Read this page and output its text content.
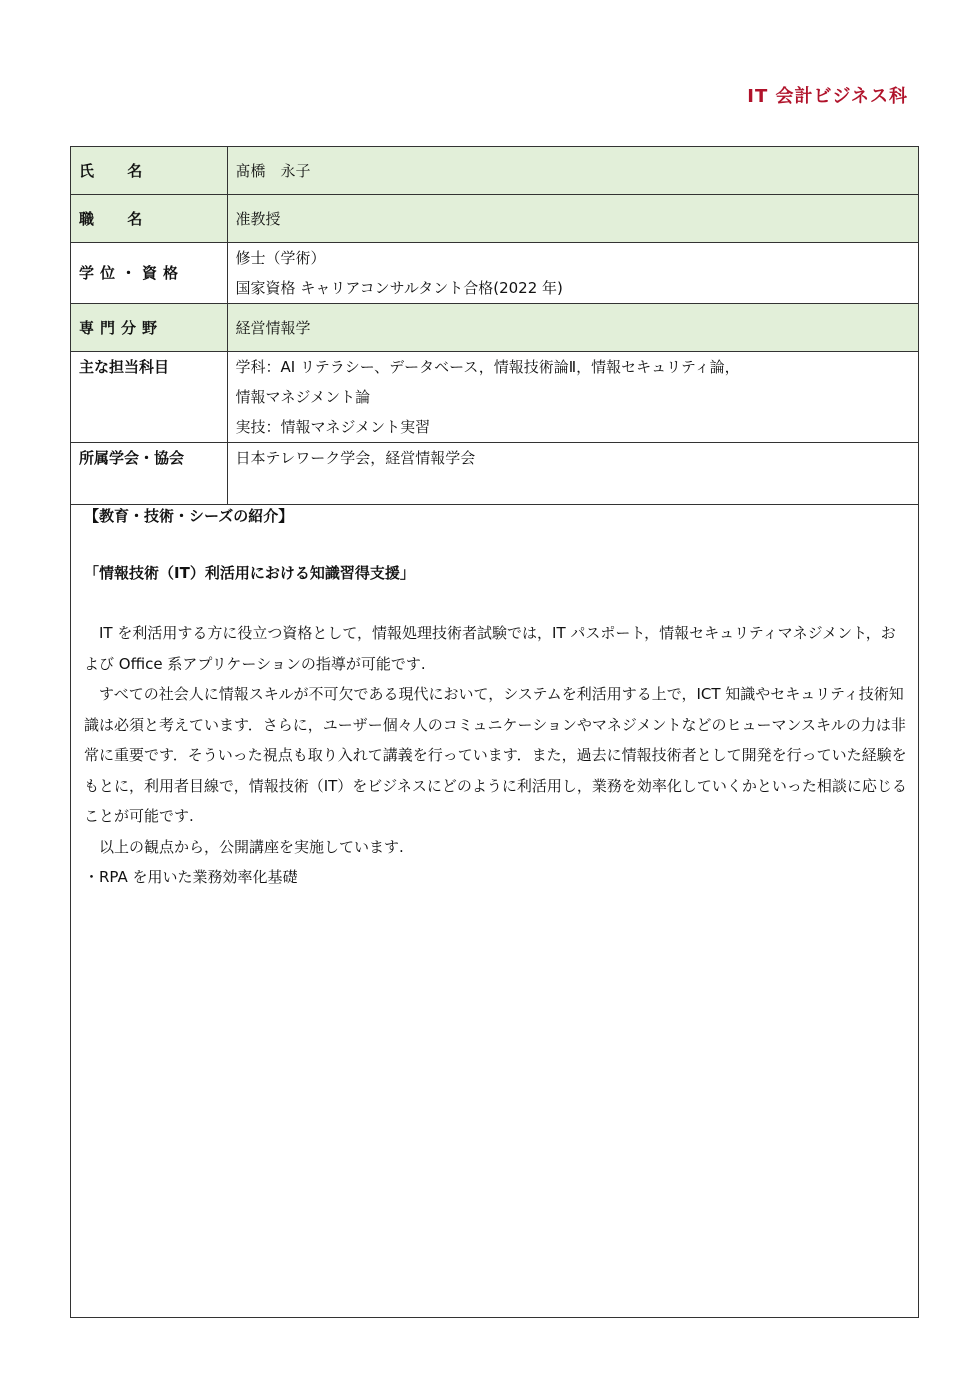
IT 会計ビジネス科
氏 名	髙橋　永子
職 名	准教授
学位・資格	修士（学術）
国家資格 キャリアコンサルタント合格(2022 年)

専門分野	経営情報学
主な担当科目	学科：AI リテラシー、データベース，情報技術論Ⅱ，情報セキュリティ論，
情報マネジメント論
実技：情報マネジメント実習

所属学会・協会	日本テレワーク学会，経営情報学会
【教育・技術・シーズの紹介】
「情報技術（IT）利活用における知識習得支援」

　IT を利活用する方に役立つ資格として，情報処理技術者試験では，IT パスポート，情報セキュリティマネジメント，および Office 系アプリケーションの指導が可能です.

　すべての社会人に情報スキルが不可欠である現代において，システムを利活用する上で，ICT 知識やセキュリティ技術知識は必須と考えています．さらに，ユーザー個々人のコミュニケーションやマネジメントなどのヒューマンスキルの力は非常に重要です．そういった視点も取り入れて講義を行っています．また，過去に情報技術者として開発を行っていた経験をもとに，利用者目線で，情報技術（IT）をビジネスにどのように利活用し，業務を効率化していくかといった相談に応じることが可能です.

　以上の観点から，公開講座を実施しています.

・RPA を用いた業務効率化基礎
